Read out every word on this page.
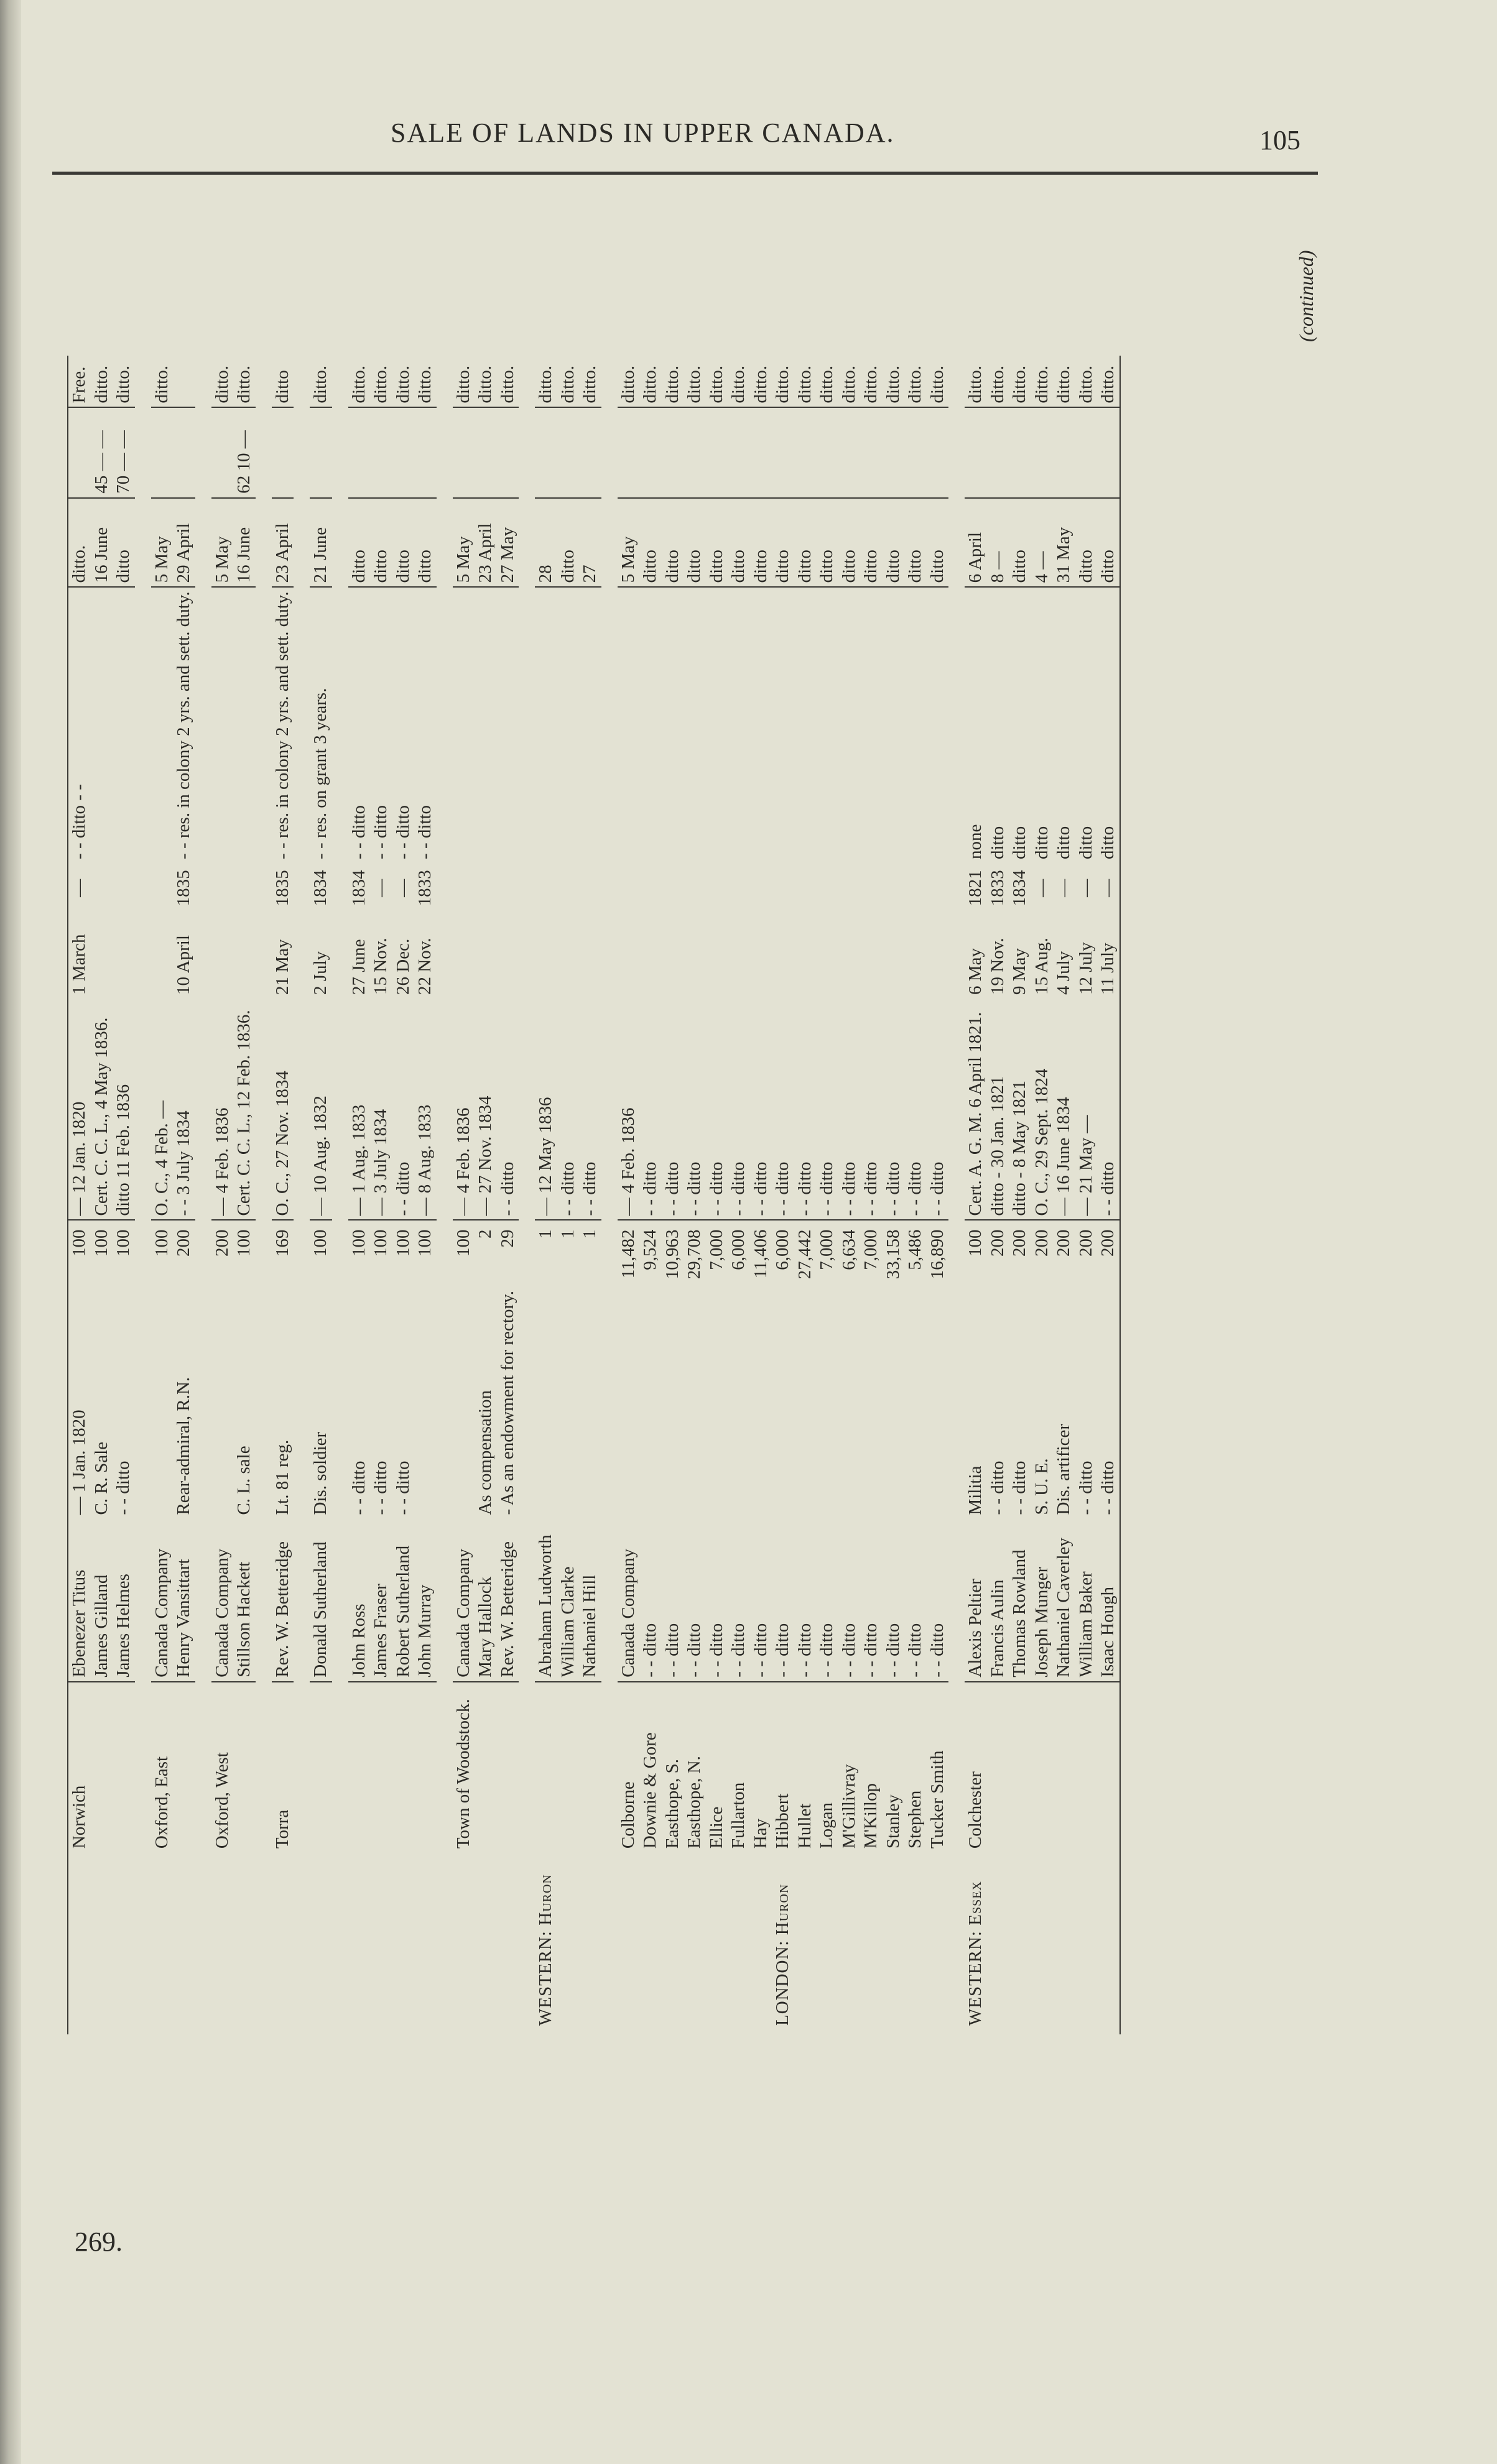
SALE OF LANDS IN UPPER CANADA.	105
	Norwich	Ebenezer Titus	— 1 Jan. 1820	100	— 12 Jan. 1820	1 March	—	- - ditto - -	ditto.		Free.
		James Gilland	C. R. Sale	100	Cert. C. C. L., 4 May 1836.				16 June	45 — —	ditto.
		James Helmes	- - ditto	100	ditto 11 Feb. 1836				ditto	70 — —	ditto.

	Oxford, East	Canada Company		100	O. C., 4 Feb. —				5 May		ditto.
		Henry Vansittart	Rear-admiral, R.N.	200	- - 3 July 1834	10 April	1835	- - res. in colony 2 yrs. and sett. duty.	29 April		

	Oxford, West	Canada Company		200	— 4 Feb. 1836				5 May		ditto.
		Stillson Hackett	C. L. sale	100	Cert. C. C. L., 12 Feb. 1836.				16 June	62 10 —	ditto.

	Torra	Rev. W. Betteridge	Lt. 81 reg.	169	O. C., 27 Nov. 1834	21 May	1835	- - res. in colony 2 yrs. and sett. duty.	23 April		ditto

		Donald Sutherland	Dis. soldier	100	— 10 Aug. 1832	2 July	1834	- - res. on grant 3 years.	21 June		ditto.

		John Ross	- - ditto	100	— 1 Aug. 1833	27 June	1834	- - ditto	ditto		ditto.
		James Fraser	- - ditto	100	— 3 July 1834	15 Nov.	—	- - ditto	ditto		ditto.
		Robert Sutherland	- - ditto	100	- - ditto	26 Dec.	—	- - ditto	ditto		ditto.
		John Murray		100	— 8 Aug. 1833	22 Nov.	1833	- - ditto	ditto		ditto.

	Town of Woodstock.	Canada Company		100	— 4 Feb. 1836				5 May		ditto.
		Mary Hallock	As compensation	2	— 27 Nov. 1834				23 April		ditto.
		Rev. W. Betteridge	- As an endowment for rectory.	29	- - ditto				27 May		ditto.

WESTERN: Huron		Abraham Ludworth		1	— 12 May 1836				28		ditto.
		William Clarke		1	- - ditto				ditto		ditto.
		Nathaniel Hill		1	- - ditto				27		ditto.

	Colborne	Canada Company		11,482	— 4 Feb. 1836				5 May		ditto.
	Downie & Gore	- - ditto		9,524	- - ditto				ditto		ditto.
	Easthope, S.	- - ditto		10,963	- - ditto				ditto		ditto.
	Easthope, N.	- - ditto		29,708	- - ditto				ditto		ditto.
	Ellice	- - ditto		7,000	- - ditto				ditto		ditto.
	Fullarton	- - ditto		6,000	- - ditto				ditto		ditto.
	Hay	- - ditto		11,406	- - ditto				ditto		ditto.
LONDON: Huron	Hibbert	- - ditto		6,000	- - ditto				ditto		ditto.
	Hullet	- - ditto		27,442	- - ditto				ditto		ditto.
	Logan	- - ditto		7,000	- - ditto				ditto		ditto.
	M'Gillivray	- - ditto		6,634	- - ditto				ditto		ditto.
	M'Killop	- - ditto		7,000	- - ditto				ditto		ditto.
	Stanley	- - ditto		33,158	- - ditto				ditto		ditto.
	Stephen	- - ditto		5,486	- - ditto				ditto		ditto.
	Tucker Smith	- - ditto		16,890	- - ditto				ditto		ditto.

WESTERN: Essex	Colchester	Alexis Peltier	Militia	100	Cert. A. G. M. 6 April 1821.	6 May	1821	none	6 April		ditto.
		Francis Aulin	- - ditto	200	ditto - 30 Jan. 1821	19 Nov.	1833	ditto	8 —		ditto.
		Thomas Rowland	- - ditto	200	ditto - 8 May 1821	9 May	1834	ditto	ditto		ditto.
		Joseph Munger	S. U. E.	200	O. C., 29 Sept. 1824	15 Aug.	—	ditto	4 —		ditto.
		Nathaniel Caverley	Dis. artificer	200	— 16 June 1834	4 July	—	ditto	31 May		ditto.
		William Baker	- - ditto	200	— 21 May —	12 July	—	ditto	ditto		ditto.
		Isaac Hough	- - ditto	200	- - ditto	11 July	—	ditto	ditto		ditto.
(continued)
269.
